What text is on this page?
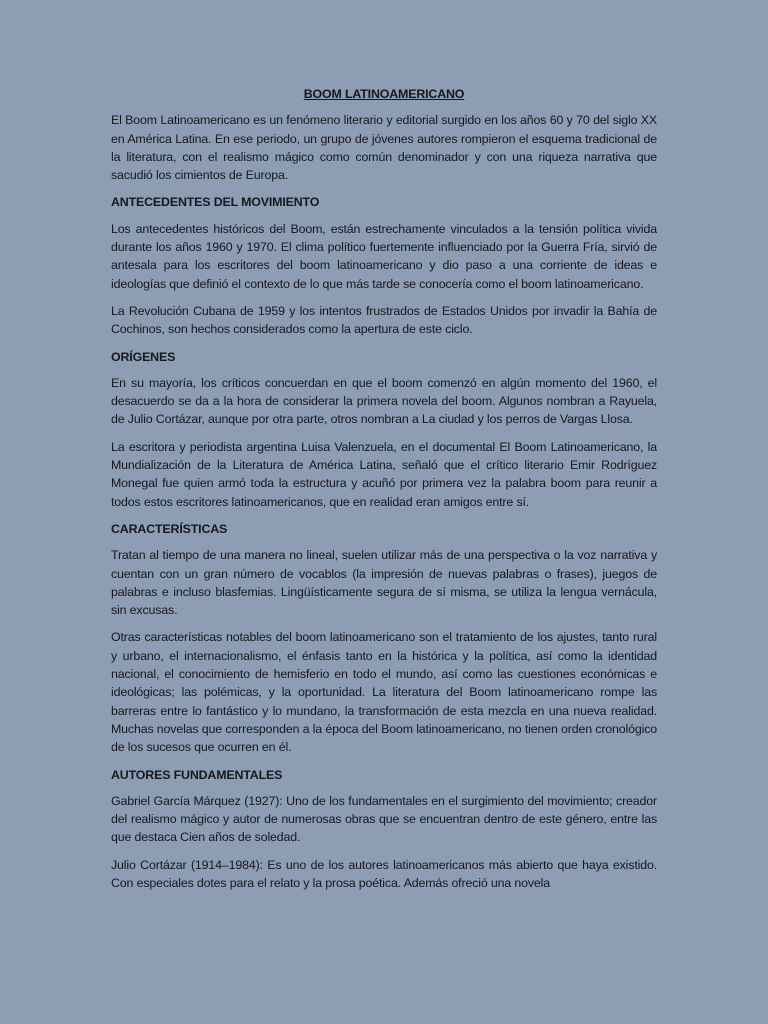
BOOM LATINOAMERICANO

El Boom Latinoamericano es un fenómeno literario y editorial surgido en los años 60 y 70 del siglo XX en América Latina. En ese periodo, un grupo de jóvenes autores rompieron el esquema tradicional de la literatura, con el realismo mágico como común denominador y con una riqueza narrativa que sacudió los cimientos de Europa.

ANTECEDENTES DEL MOVIMIENTO

Los antecedentes históricos del Boom, están estrechamente vinculados a la tensión política vivida durante los años 1960 y 1970. El clima político fuertemente influenciado por la Guerra Fría, sirvió de antesala para los escritores del boom latinoamericano y dio paso a una corriente de ideas e ideologías que definió el contexto de lo que más tarde se conocería como el boom latinoamericano.

La Revolución Cubana de 1959 y los intentos frustrados de Estados Unidos por invadir la Bahía de Cochinos, son hechos considerados como la apertura de este ciclo.

ORÍGENES

En su mayoría, los críticos concuerdan en que el boom comenzó en algún momento del 1960, el desacuerdo se da a la hora de considerar la primera novela del boom. Algunos nombran a Rayuela, de Julio Cortázar, aunque por otra parte, otros nombran a La ciudad y los perros de Vargas Llosa.

La escritora y periodista argentina Luisa Valenzuela, en el documental El Boom Latinoamericano, la Mundialización de la Literatura de América Latina, señaló que el crítico literario Emir Rodríguez Monegal fue quien armó toda la estructura y acuñó por primera vez la palabra boom para reunir a todos estos escritores latinoamericanos, que en realidad eran amigos entre sí.

CARACTERÍSTICAS

Tratan al tiempo de una manera no lineal, suelen utilizar más de una perspectiva o la voz narrativa y cuentan con un gran número de vocablos (la impresión de nuevas palabras o frases), juegos de palabras e incluso blasfemias. Lingüísticamente segura de sí misma, se utiliza la lengua vernácula, sin excusas.

Otras características notables del boom latinoamericano son el tratamiento de los ajustes, tanto rural y urbano, el internacionalismo, el énfasis tanto en la histórica y la política, así como la identidad nacional, el conocimiento de hemisferio en todo el mundo, así como las cuestiones económicas e ideológicas; las polémicas, y la oportunidad. La literatura del Boom latinoamericano rompe las barreras entre lo fantástico y lo mundano, la transformación de esta mezcla en una nueva realidad. Muchas novelas que corresponden a la época del Boom latinoamericano, no tienen orden cronológico de los sucesos que ocurren en él.

AUTORES FUNDAMENTALES

Gabriel García Márquez (1927): Uno de los fundamentales en el surgimiento del movimiento; creador del realismo mágico y autor de numerosas obras que se encuentran dentro de este género, entre las que destaca Cien años de soledad.

Julio Cortázar (1914–1984): Es uno de los autores latinoamericanos más abierto que haya existido. Con especiales dotes para el relato y la prosa poética. Además ofreció una novela
